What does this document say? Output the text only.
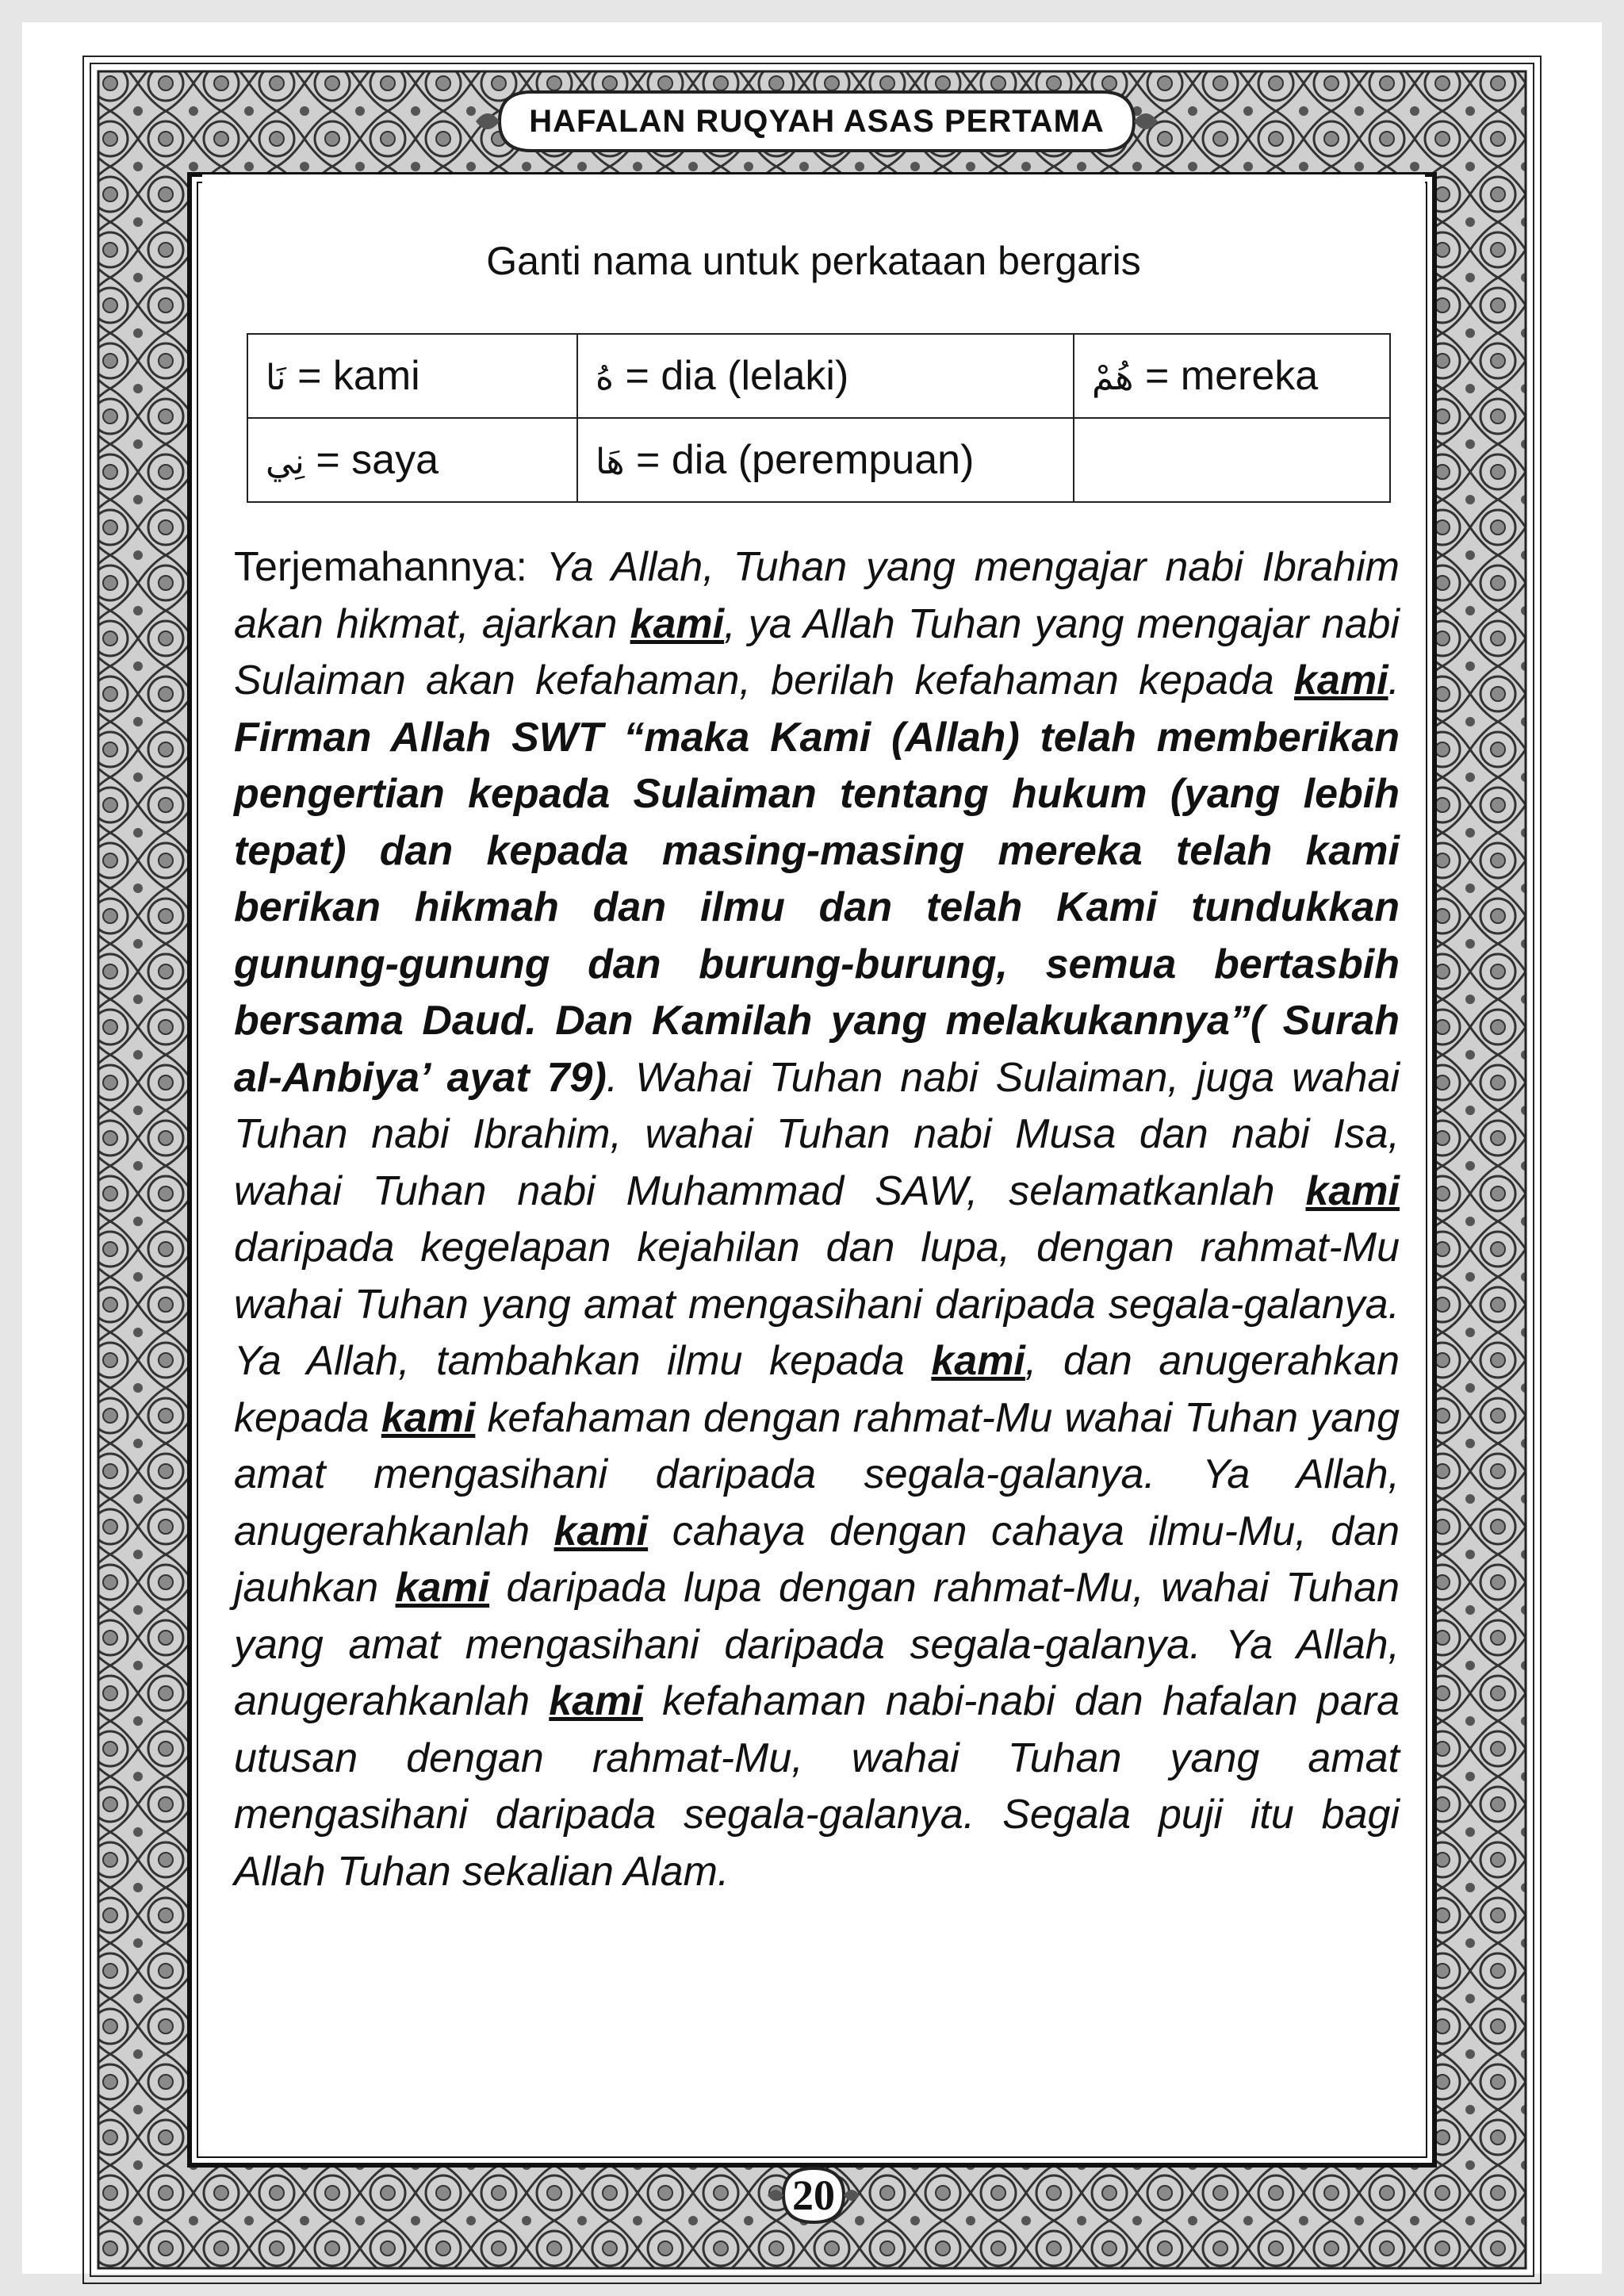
HAFALAN RUQYAH ASAS PERTAMA
Ganti nama untuk perkataan bergaris
نَا = kami	هُ = dia (lelaki)	هُمْ = mereka
نِي = saya	هَا = dia (perempuan)	
Terjemahannya: Ya Allah, Tuhan yang mengajar nabi Ibrahim akan hikmat, ajarkan kami, ya Allah Tuhan yang mengajar nabi Sulaiman akan kefahaman, berilah kefahaman kepada kami. Firman Allah SWT “maka Kami (Allah) telah memberikan pengertian kepada Sulaiman tentang hukum (yang lebih tepat) dan kepada masing-masing mereka telah kami berikan hikmah dan ilmu dan telah Kami tundukkan gunung-gunung dan burung-burung, semua bertasbih bersama Daud. Dan Kamilah yang melakukannya”( Surah al-Anbiya’ ayat 79). Wahai Tuhan nabi Sulaiman, juga wahai Tuhan nabi Ibrahim, wahai Tuhan nabi Musa dan nabi Isa, wahai Tuhan nabi Muhammad SAW, selamatkanlah kami daripada kegelapan kejahilan dan lupa, dengan rahmat-Mu wahai Tuhan yang amat mengasihani daripada segala-galanya. Ya Allah, tambahkan ilmu kepada kami, dan anugerahkan kepada kami kefahaman dengan rahmat-Mu wahai Tuhan yang amat mengasihani daripada segala-galanya. Ya Allah, anugerahkanlah kami cahaya dengan cahaya ilmu-Mu, dan jauhkan kami daripada lupa dengan rahmat-Mu, wahai Tuhan yang amat mengasihani daripada segala-galanya. Ya Allah, anugerahkanlah kami kefahaman nabi-nabi dan hafalan para utusan dengan rahmat-Mu, wahai Tuhan yang amat mengasihani daripada segala-galanya. Segala puji itu bagi Allah Tuhan sekalian Alam.
20
